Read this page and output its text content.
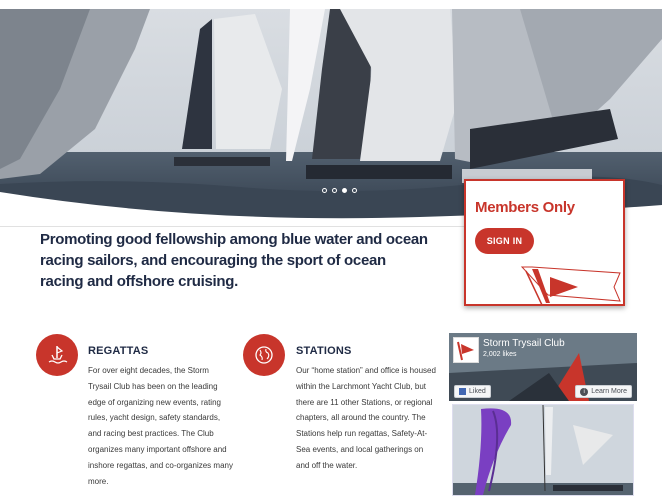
Members Only
SIGN IN

Promoting good fellowship among blue water and ocean racing sailors, and encouraging the sport of ocean racing and offshore cruising.

REGATTAS

For over eight decades, the Storm Trysail Club has been on the leading edge of organizing new events, rating rules, yacht design, safety standards, and racing best practices. The Club organizes many important offshore and inshore regattas, and co-organizes many more.

STATIONS

Our “home station” and office is housed within the Larchmont Yacht Club, but there are 11 other Stations, or regional chapters, all around the country. The Stations help run regattas, Safety-At-Sea events, and local gatherings on and off the water.

Storm Trysail Club
2,002 likes
Liked	i Learn More
